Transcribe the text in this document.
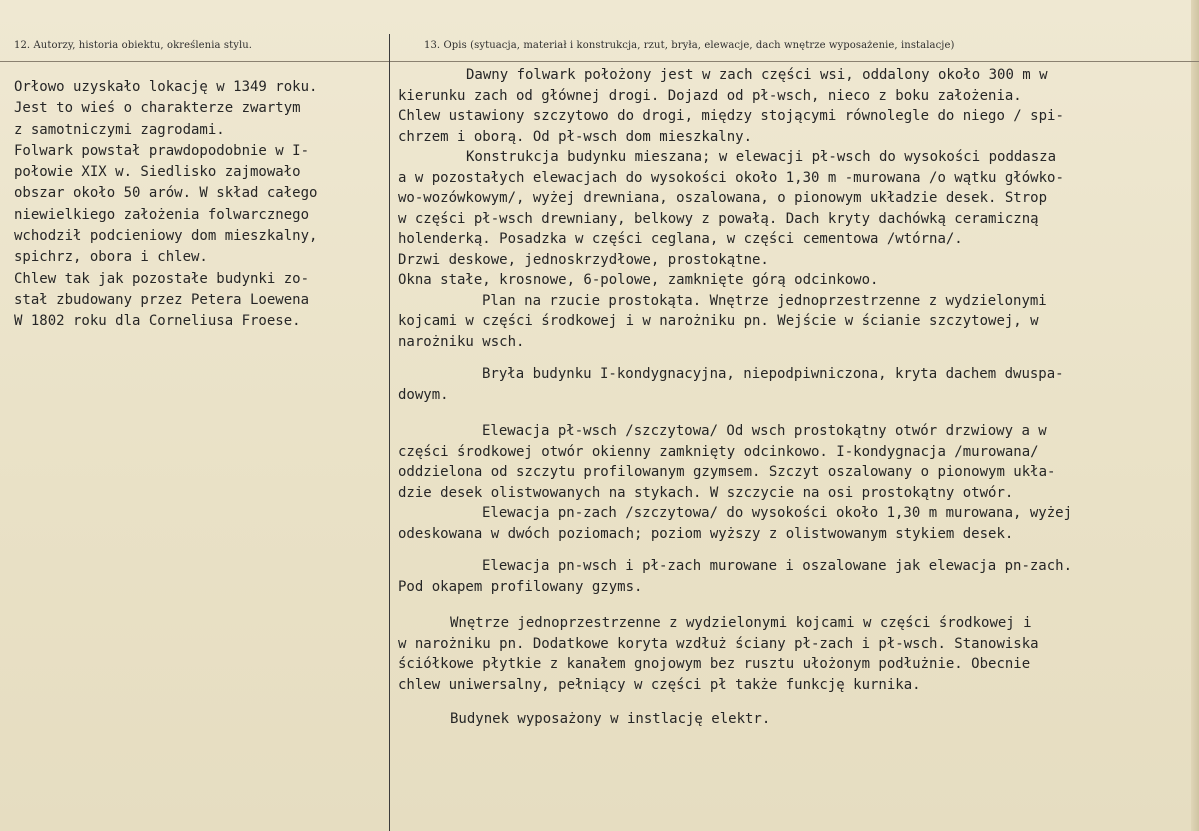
12. Autorzy, historia obiektu, określenia stylu.	13. Opis (sytuacja, materiał i konstrukcja, rzut, bryła, elewacje, dach wnętrze wyposażenie, instalacje)
Orłowo uzyskało lokację w 1349 roku.
Jest to wieś o charakterze zwartym
z samotniczymi zagrodami.
Folwark powstał prawdopodobnie w I-
połowie XIX w. Siedlisko zajmowało
obszar około 50 arów. W skład całego
niewielkiego założenia folwarcznego
wchodził podcieniowy dom mieszkalny,
spichrz, obora i chlew.
Chlew tak jak pozostałe budynki zo-
stał zbudowany przez Petera Loewena
W 1802 roku dla Corneliusa Froese.
Dawny folwark położony jest w zach części wsi, oddalony około 300 m w
kierunku zach od głównej drogi. Dojazd od pł-wsch, nieco z boku założenia.
Chlew ustawiony szczytowo do drogi, między stojącymi równolegle do niego / spi-
chrzem i oborą. Od pł-wsch dom mieszkalny.
Konstrukcja budynku mieszana; w elewacji pł-wsch do wysokości poddasza
a w pozostałych elewacjach do wysokości około 1,30 m -murowana /o wątku główko-
wo-wozówkowym/, wyżej drewniana, oszalowana, o pionowym układzie desek. Strop
w części pł-wsch drewniany, belkowy z powałą. Dach kryty dachówką ceramiczną
holenderką. Posadzka w części ceglana, w części cementowa /wtórna/.
Drzwi deskowe, jednoskrzydłowe, prostokątne.
Okna stałe, krosnowe, 6-polowe, zamknięte górą odcinkowo.
Plan na rzucie prostokąta. Wnętrze jednoprzestrzenne z wydzielonymi
kojcami w części środkowej i w narożniku pn. Wejście w ścianie szczytowej, w
narożniku wsch.
Bryła budynku I-kondygnacyjna, niepodpiwniczona, kryta dachem dwuspa-
dowym.
Elewacja pł-wsch /szczytowa/ Od wsch prostokątny otwór drzwiowy a w
części środkowej otwór okienny zamknięty odcinkowo. I-kondygnacja /murowana/
oddzielona od szczytu profilowanym gzymsem. Szczyt oszalowany o pionowym ukła-
dzie desek olistwowanych na stykach. W szczycie na osi prostokątny otwór.
Elewacja pn-zach /szczytowa/ do wysokości około 1,30 m murowana, wyżej
odeskowana w dwóch poziomach; poziom wyższy z olistwowanym stykiem desek.
Elewacja pn-wsch i pł-zach murowane i oszalowane jak elewacja pn-zach.
Pod okapem profilowany gzyms.
Wnętrze jednoprzestrzenne z wydzielonymi kojcami w części środkowej i
w narożniku pn. Dodatkowe koryta wzdłuż ściany pł-zach i pł-wsch. Stanowiska
ściółkowe płytkie z kanałem gnojowym bez rusztu ułożonym podłużnie. Obecnie
chlew uniwersalny, pełniący w części pł także funkcję kurnika.
Budynek wyposażony w instlację elektr.
